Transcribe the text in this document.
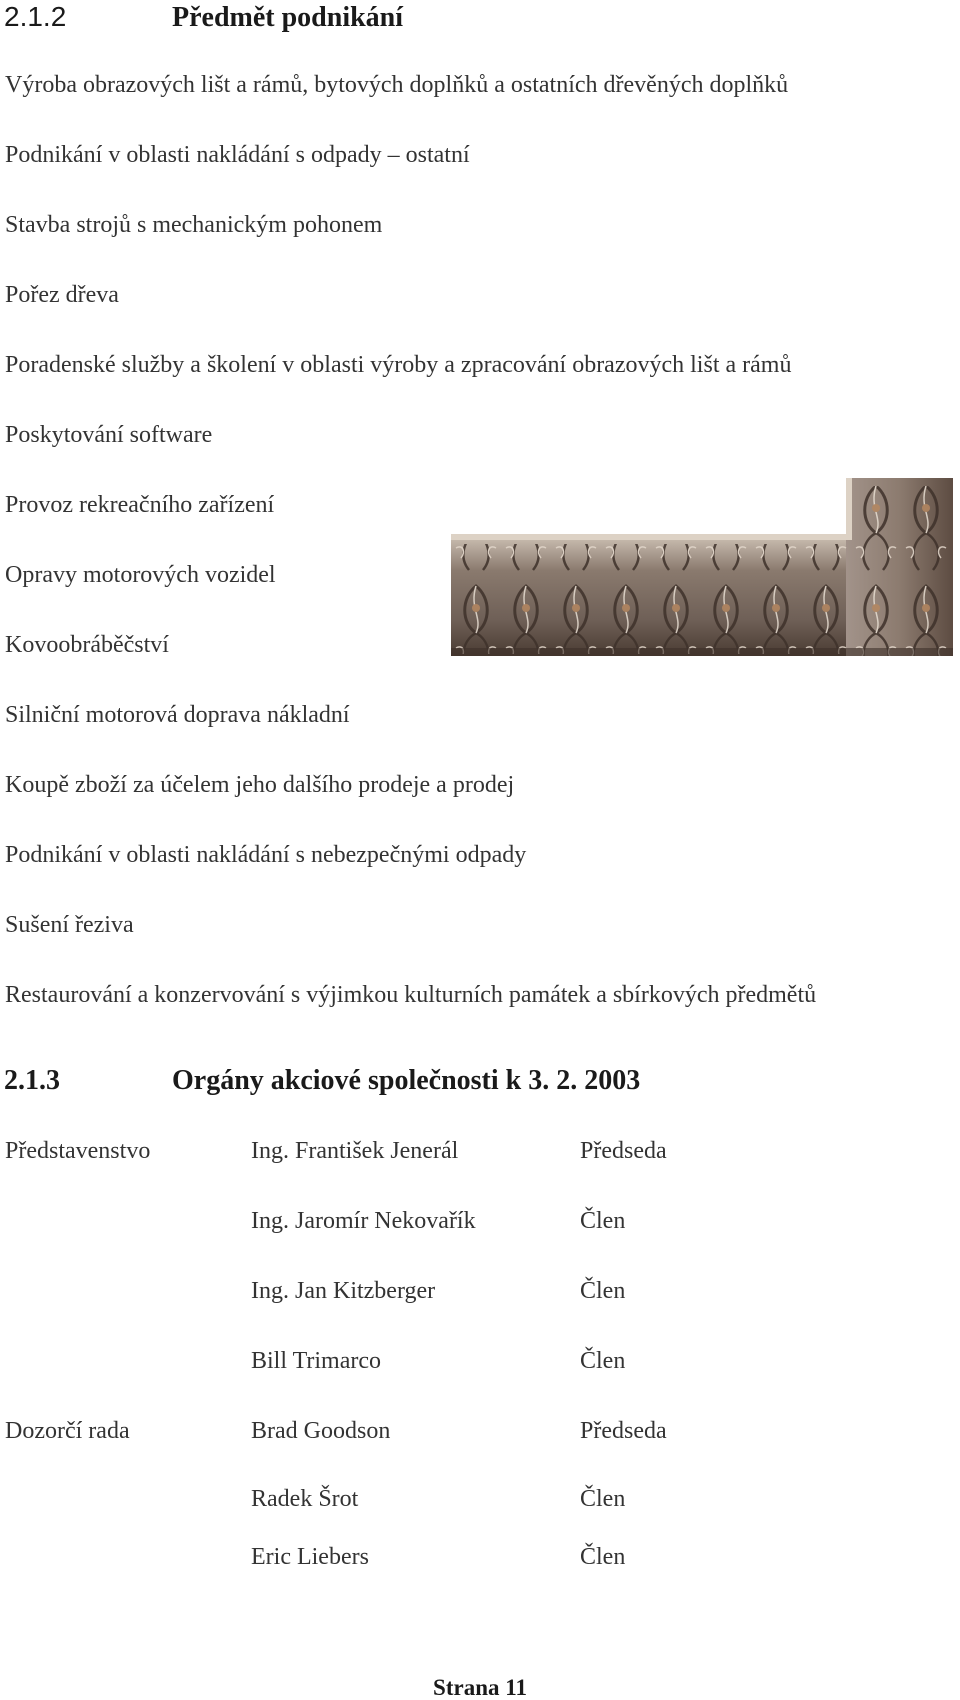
2.1.2	Předmět podnikání
Výroba obrazových lišt a rámů, bytových doplňků a ostatních dřevěných doplňků
Podnikání v oblasti nakládání s odpady – ostatní
Stavba strojů s mechanickým pohonem
Pořez dřeva
Poradenské služby a školení v oblasti výroby a zpracování obrazových lišt a rámů
Poskytování software
Provoz rekreačního zařízení
Opravy motorových vozidel
Kovoobráběčství
Silniční motorová doprava nákladní
Koupě zboží za účelem jeho dalšího prodeje a prodej
Podnikání v oblasti nakládání s nebezpečnými odpady
Sušení řeziva
Restaurování a konzervování s výjimkou kulturních památek a sbírkových předmětů
2.1.3	Orgány akciové společnosti k 3. 2. 2003
Představenstvo	Ing. František Jenerál	Předseda
Ing. Jaromír Nekovařík	Člen
Ing. Jan Kitzberger	Člen
Bill Trimarco	Člen
Dozorčí rada	Brad Goodson	Předseda
Radek Šrot	Člen
Eric Liebers	Člen
Strana 11
